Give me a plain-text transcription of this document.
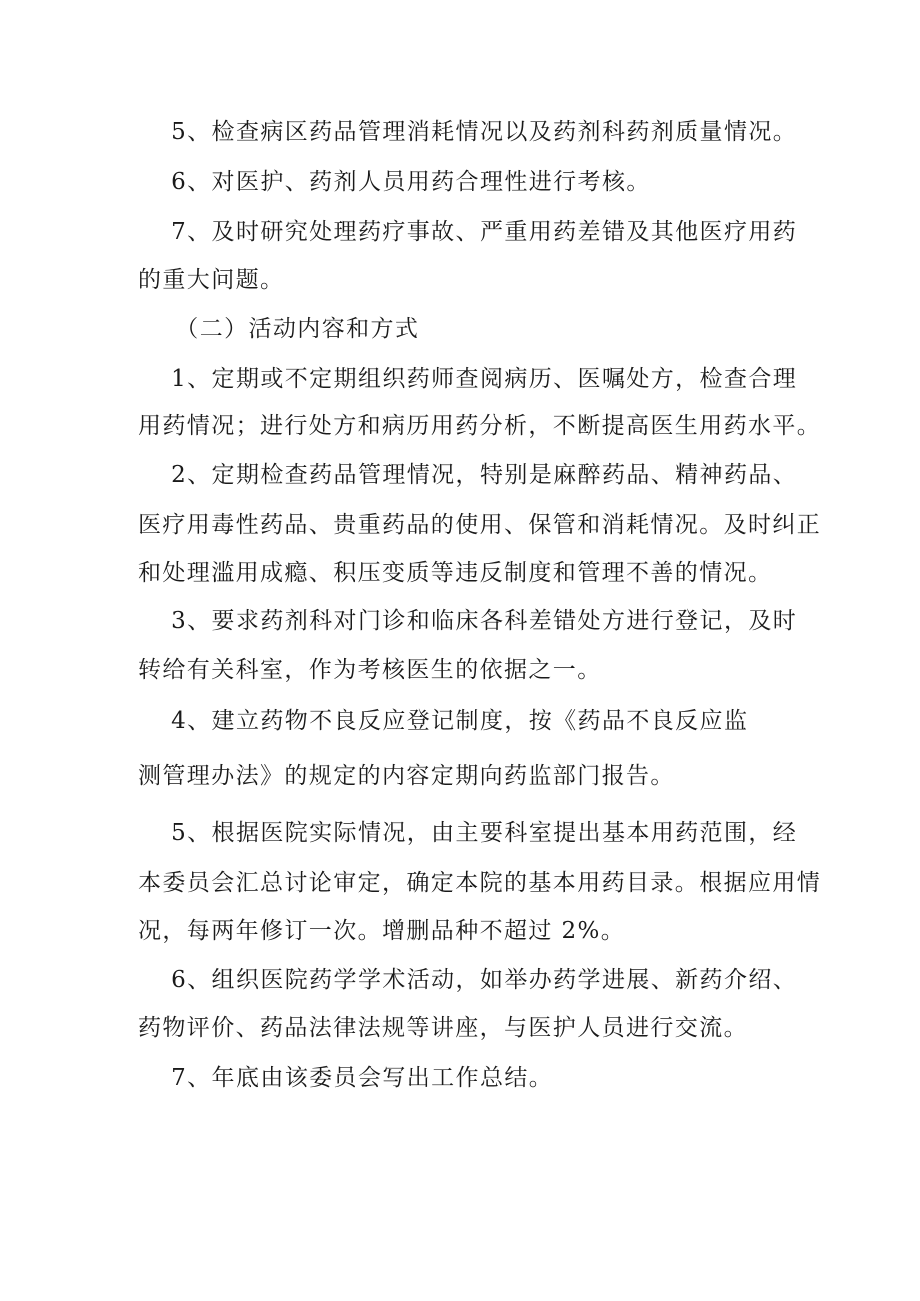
　 5、检查病区药品管理消耗情况以及药剂科药剂质量情况。
　 6、对医护、药剂人员用药合理性进行考核。
　 7、及时研究处理药疗事故、严重用药差错及其他医疗用药
的重大问题。
　　（二）活动内容和方式
　 1、定期或不定期组织药师查阅病历、医嘱处方，检查合理
用药情况；进行处方和病历用药分析，不断提高医生用药水平。
　 2、定期检查药品管理情况，特别是麻醉药品、精神药品、
医疗用毒性药品、贵重药品的使用、保管和消耗情况。及时纠正
和处理滥用成瘾、积压变质等违反制度和管理不善的情况。
　 3、要求药剂科对门诊和临床各科差错处方进行登记，及时
转给有关科室，作为考核医生的依据之一。
　 4、建立药物不良反应登记制度，按《药品不良反应监
测管理办法》的规定的内容定期向药监部门报告。
　 5、根据医院实际情况，由主要科室提出基本用药范围，经
本委员会汇总讨论审定，确定本院的基本用药目录。根据应用情
况，每两年修订一次。增删品种不超过 2%。
　 6、组织医院药学学术活动，如举办药学进展、新药介绍、
药物评价、药品法律法规等讲座，与医护人员进行交流。
　 7、年底由该委员会写出工作总结。
